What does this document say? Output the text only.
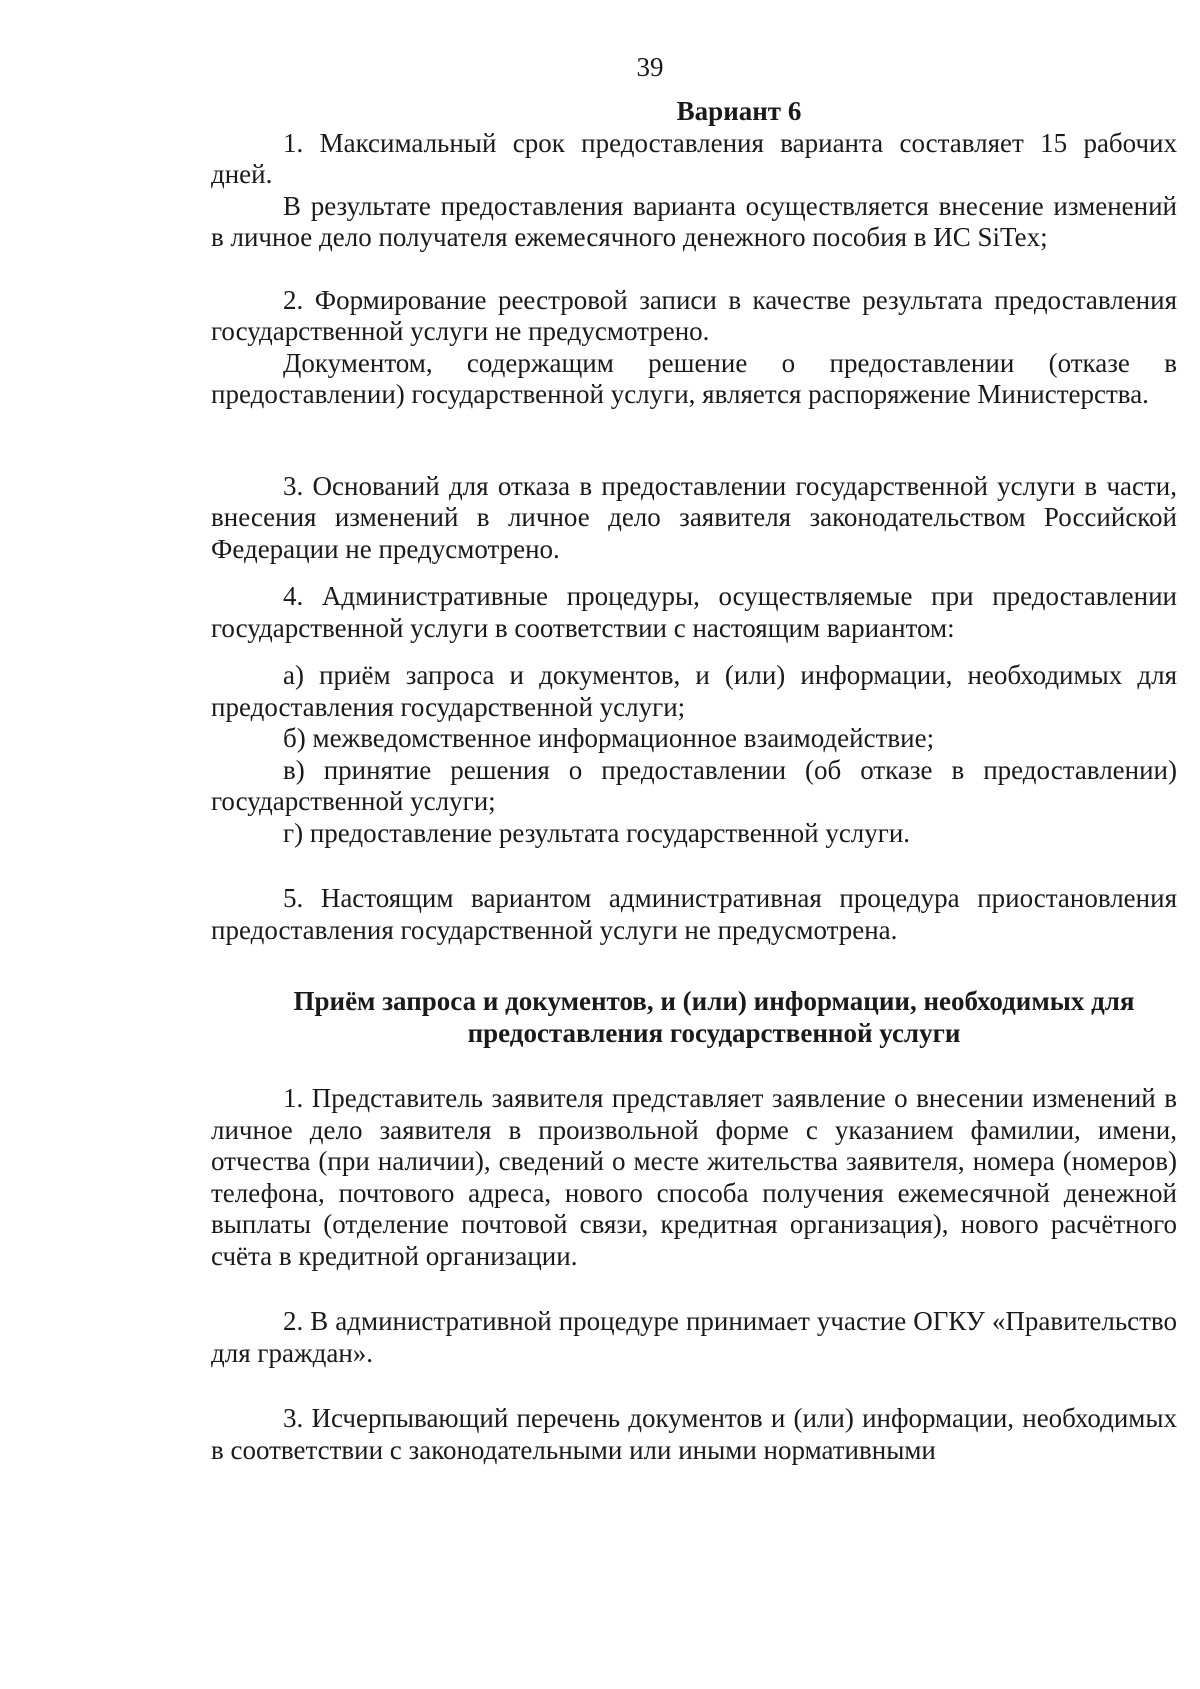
39
Вариант 6

1. Максимальный срок предоставления варианта составляет 15 рабочих дней.

В результате предоставления варианта осуществляется внесение изменений в личное дело получателя ежемесячного денежного пособия в ИС SiTex;

2. Формирование реестровой записи в качестве результата предоставления государственной услуги не предусмотрено.

Документом, содержащим решение о предоставлении (отказе в предоставлении) государственной услуги, является распоряжение Министерства.

3. Оснований для отказа в предоставлении государственной услуги в части, внесения изменений в личное дело заявителя законодательством Российской Федерации не предусмотрено.

4. Административные процедуры, осуществляемые при предоставлении государственной услуги в соответствии с настоящим вариантом:

а) приём запроса и документов, и (или) информации, необходимых для предоставления государственной услуги;

б) межведомственное информационное взаимодействие;

в) принятие решения о предоставлении (об отказе в предоставлении) государственной услуги;

г) предоставление результата государственной услуги.

5. Настоящим вариантом административная процедура приостановления предоставления государственной услуги не предусмотрена.

Приём запроса и документов, и (или) информации, необходимых для предоставления государственной услуги

1. Представитель заявителя представляет заявление о внесении изменений в личное дело заявителя в произвольной форме с указанием фамилии, имени, отчества (при наличии), сведений о месте жительства заявителя, номера (номеров) телефона, почтового адреса, нового способа получения ежемесячной денежной выплаты (отделение почтовой связи, кредитная организация), нового расчётного счёта в кредитной организации.

2. В административной процедуре принимает участие ОГКУ «Правительство для граждан».

3. Исчерпывающий перечень документов и (или) информации, необходимых в соответствии с законодательными или иными нормативными
